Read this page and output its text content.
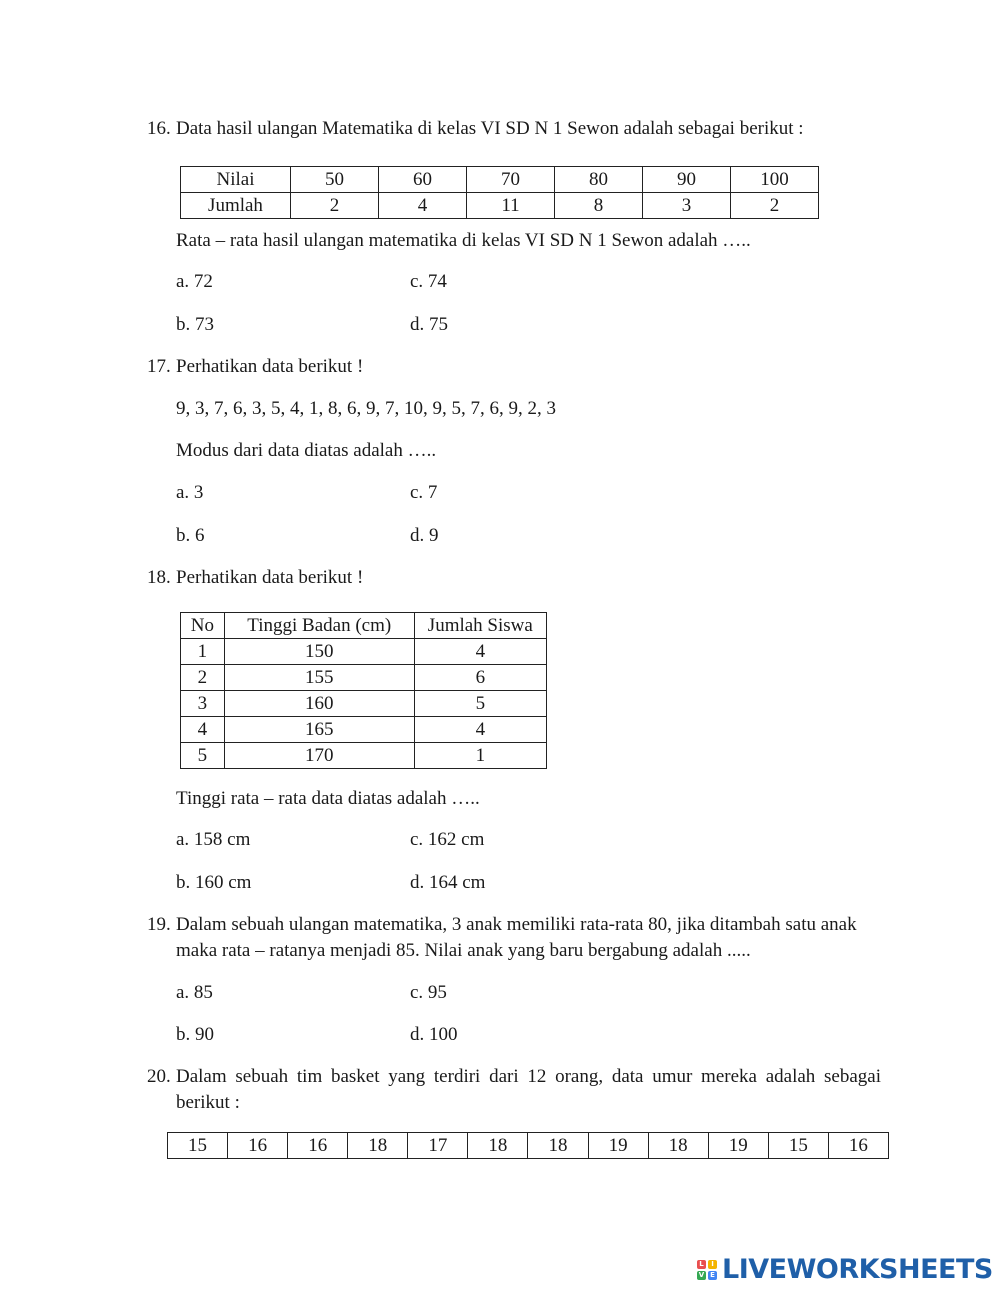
16. Data hasil ulangan Matematika di kelas VI SD N 1 Sewon adalah sebagai berikut :
Nilai	50	60	70	80	90	100
Jumlah	2	4	11	8	3	2
Rata – rata hasil ulangan matematika di kelas VI SD N 1 Sewon adalah …..
a. 72	c. 74
b. 73	d. 75
17. Perhatikan data berikut !
9, 3, 7, 6, 3, 5, 4, 1, 8, 6, 9, 7, 10, 9, 5, 7, 6, 9, 2, 3
Modus dari data diatas adalah …..
a. 3	c. 7
b. 6	d. 9
18. Perhatikan data berikut !
No	Tinggi Badan (cm)	Jumlah Siswa
1	150	4
2	155	6
3	160	5
4	165	4
5	170	1
Tinggi rata – rata data diatas adalah …..
a. 158 cm	c. 162 cm
b. 160 cm	d. 164 cm
19. Dalam sebuah ulangan matematika, 3 anak memiliki rata-rata 80, jika ditambah satu anak
maka rata – ratanya menjadi 85. Nilai anak yang baru bergabung adalah .....
a. 85	c. 95
b. 90	d. 100
20. Dalam sebuah tim basket yang terdiri dari 12 orang, data umur mereka adalah sebagai
berikut :
15	16	16	18	17	18	18	19	18	19	15	16
L	I
V E LIVEWORKSHEETS
